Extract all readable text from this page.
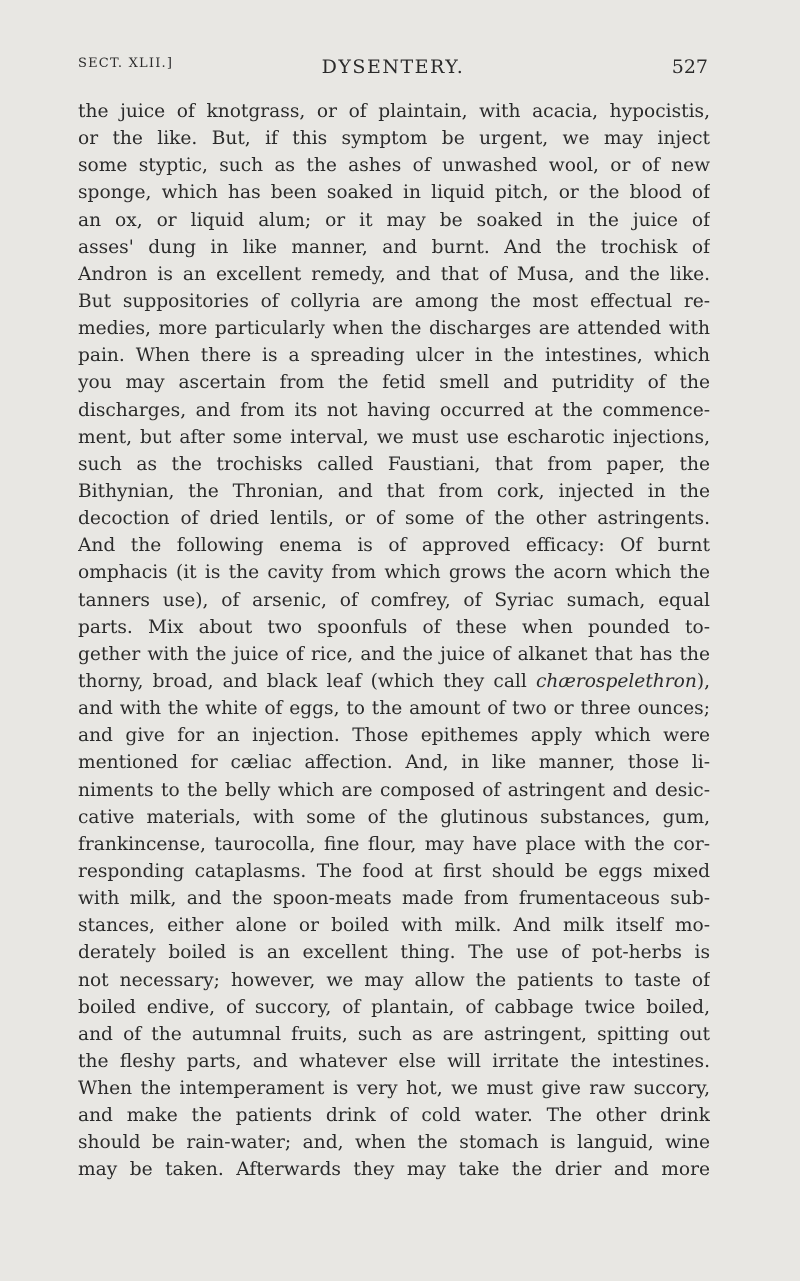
SECT. XLII.]	DYSENTERY.	527
the juice of knotgrass, or of plaintain, with acacia, hypocistis,
or the like. But, if this symptom be urgent, we may inject
some styptic, such as the ashes of unwashed wool, or of new
sponge, which has been soaked in liquid pitch, or the blood of
an ox, or liquid alum; or it may be soaked in the juice of
asses' dung in like manner, and burnt. And the trochisk of
Andron is an excellent remedy, and that of Musa, and the like.
But suppositories of collyria are among the most effectual re-
medies, more particularly when the discharges are attended with
pain. When there is a spreading ulcer in the intestines, which
you may ascertain from the fetid smell and putridity of the
discharges, and from its not having occurred at the commence-
ment, but after some interval, we must use escharotic injections,
such as the trochisks called Faustiani, that from paper, the
Bithynian, the Thronian, and that from cork, injected in the
decoction of dried lentils, or of some of the other astringents.
And the following enema is of approved efficacy: Of burnt
omphacis (it is the cavity from which grows the acorn which the
tanners use), of arsenic, of comfrey, of Syriac sumach, equal
parts. Mix about two spoonfuls of these when pounded to-
gether with the juice of rice, and the juice of alkanet that has the
thorny, broad, and black leaf (which they call chærospelethron),
and with the white of eggs, to the amount of two or three ounces;
and give for an injection. Those epithemes apply which were
mentioned for cæliac affection. And, in like manner, those li-
niments to the belly which are composed of astringent and desic-
cative materials, with some of the glutinous substances, gum,
frankincense, taurocolla, fine flour, may have place with the cor-
responding cataplasms. The food at first should be eggs mixed
with milk, and the spoon-meats made from frumentaceous sub-
stances, either alone or boiled with milk. And milk itself mo-
derately boiled is an excellent thing. The use of pot-herbs is
not necessary; however, we may allow the patients to taste of
boiled endive, of succory, of plantain, of cabbage twice boiled,
and of the autumnal fruits, such as are astringent, spitting out
the fleshy parts, and whatever else will irritate the intestines.
When the intemperament is very hot, we must give raw succory,
and make the patients drink of cold water. The other drink
should be rain-water; and, when the stomach is languid, wine
may be taken. Afterwards they may take the drier and more
